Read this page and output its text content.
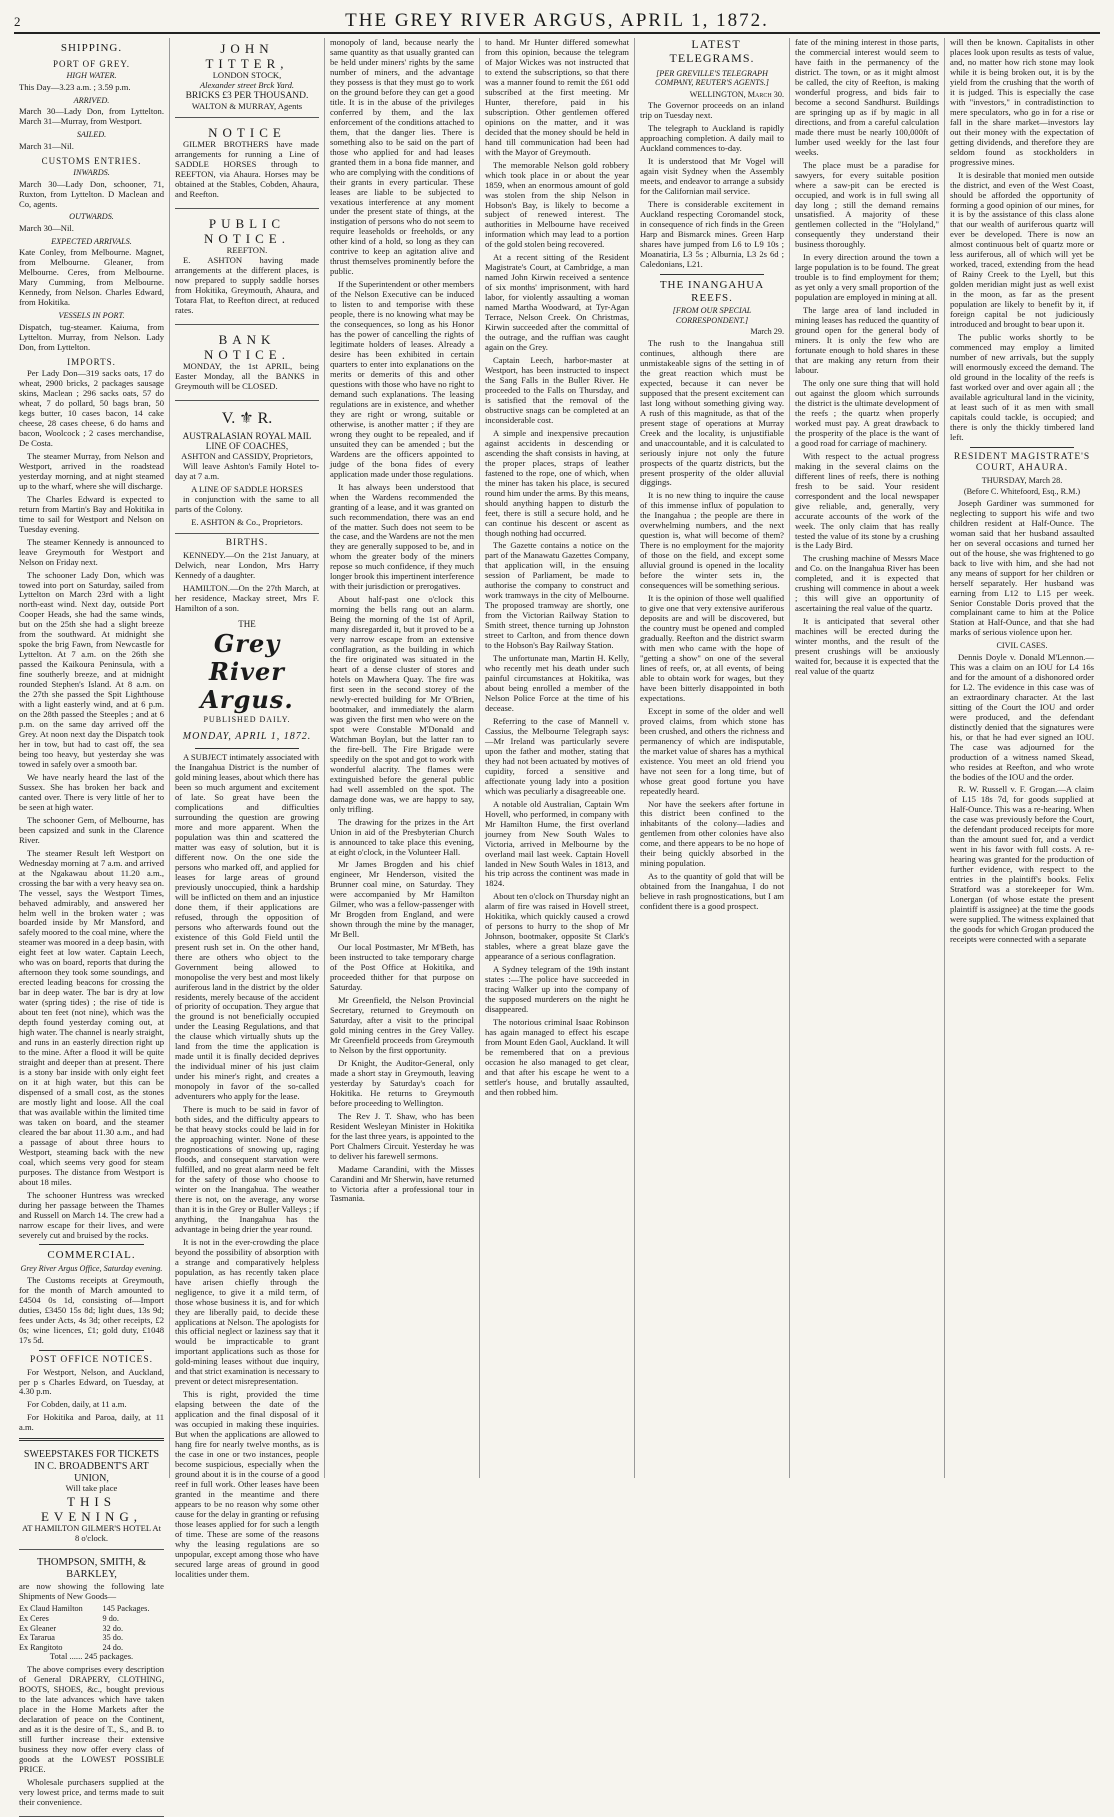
2	THE GREY RIVER ARGUS, APRIL 1, 1872.

SHIPPING.

PORT OF GREY.

HIGH WATER.

This Day—3.23 a.m. ; 3.59 p.m.

ARRIVED.

March 30—Lady Don, from Lyttelton. March 31—Murray, from Westport.

SAILED.

March 31—Nil.

CUSTOMS ENTRIES.

INWARDS.

March 30—Lady Don, schooner, 71, Ruxton, from Lyttelton. D Maclean and Co, agents.

OUTWARDS.

March 30—Nil.

EXPECTED ARRIVALS.

Kate Conley, from Melbourne. Magnet, from Melbourne. Gleaner, from Melbourne. Ceres, from Melbourne. Mary Cumming, from Melbourne. Kennedy, from Nelson. Charles Edward, from Hokitika.

VESSELS IN PORT.

Dispatch, tug-steamer. Kaiuma, from Lyttelton. Murray, from Nelson. Lady Don, from Lyttelton.

IMPORTS.

Per Lady Don—319 sacks oats, 17 do wheat, 2900 bricks, 2 packages sausage skins, Maclean ; 296 sacks oats, 57 do wheat, 7 do pollard, 50 bags bran, 50 kegs butter, 10 cases bacon, 14 cake cheese, 28 cases cheese, 6 do hams and bacon, Woolcock ; 2 cases merchandise, De Costa.

The steamer Murray, from Nelson and Westport, arrived in the roadstead yesterday morning, and at night steamed up to the wharf, where she will discharge.

The Charles Edward is expected to return from Martin's Bay and Hokitika in time to sail for Westport and Nelson on Tuesday evening.

The steamer Kennedy is announced to leave Greymouth for Westport and Nelson on Friday next.

The schooner Lady Don, which was towed into port on Saturday, sailed from Lyttelton on March 23rd with a light north-east wind. Next day, outside Port Cooper Heads, she had the same winds, but on the 25th she had a slight breeze from the southward. At midnight she spoke the brig Fawn, from Newcastle for Lyttelton. At 7 a.m. on the 26th she passed the Kaikoura Peninsula, with a fine southerly breeze, and at midnight rounded Stephen's Island. At 8 a.m. on the 27th she passed the Spit Lighthouse with a light easterly wind, and at 6 p.m. on the 28th passed the Steeples ; and at 6 p.m. on the same day arrived off the Grey. At noon next day the Dispatch took her in tow, but had to cast off, the sea being too heavy, but yesterday she was towed in safely over a smooth bar.

We have nearly heard the last of the Sussex. She has broken her back and canted over. There is very little of her to be seen at high water.

The schooner Gem, of Melbourne, has been capsized and sunk in the Clarence River.

The steamer Result left Westport on Wednesday morning at 7 a.m. and arrived at the Ngakawau about 11.20 a.m., crossing the bar with a very heavy sea on. The vessel, says the Westport Times, behaved admirably, and answered her helm well in the broken water ; was boarded inside by Mr Mansford, and safely moored to the coal mine, where the steamer was moored in a deep basin, with eight feet at low water. Captain Leech, who was on board, reports that during the afternoon they took some soundings, and erected leading beacons for crossing the bar in deep water. The bar is dry at low water (spring tides) ; the rise of tide is about ten feet (not nine), which was the depth found yesterday coming out, at high water. The channel is nearly straight, and runs in an easterly direction right up to the mine. After a flood it will be quite straight and deeper than at present. There is a stony bar inside with only eight feet on it at high water, but this can be dispensed of a small cost, as the stones are mostly light and loose. All the coal that was available within the limited time was taken on board, and the steamer cleared the bar about 11.30 a.m., and had a passage of about three hours to Westport, steaming back with the new coal, which seems very good for steam purposes. The distance from Westport is about 18 miles.

The schooner Huntress was wrecked during her passage between the Thames and Russell on March 14. The crew had a narrow escape for their lives, and were severely cut and bruised by the rocks.

COMMERCIAL.

Grey River Argus Office, Saturday evening.

The Customs receipts at Greymouth, for the month of March amounted to £4504 0s 1d, consisting of—Import duties, £3450 15s 8d; light dues, 13s 9d; fees under Acts, 4s 3d; other receipts, £2 0s; wine licences, £1; gold duty, £1048 17s 5d.

POST OFFICE NOTICES.

For Westport, Nelson, and Auckland, per p s Charles Edward, on Tuesday, at 4.30 p.m.

For Cobden, daily, at 11 a.m.

For Hokitika and Paroa, daily, at 11 a.m.

SWEEPSTAKES FOR TICKETS IN C. BROADBENT'S ART UNION,
Will take place
THIS EVENING,
AT HAMILTON GILMER'S HOTEL At 8 o'clock.
THOMPSON, SMITH, & BARKLEY,

are now showing the following late Shipments of New Goods—

Ex Claud Hamilton	145 Packages.
Ex Ceres	9 do.
Ex Gleaner	32 do.
Ex Tararua	35 do.
Ex Rangitoto	24 do.

Total ...... 245 packages.

The above comprises every description of General DRAPERY, CLOTHING, BOOTS, SHOES, &c., bought previous to the late advances which have taken place in the Home Markets after the declaration of peace on the Continent, and as it is the desire of T., S., and B. to still further increase their extensive business they now offer every class of goods at the LOWEST POSSIBLE PRICE.

Wholesale purchasers supplied at the very lowest price, and terms made to suit their convenience.

JOHN TITTER,
LONDON STOCK,
Alexander street Brck Yard.
BRICKS £3 PER THOUSAND.
WALTON & MURRAY, Agents
NOTICE

GILMER BROTHERS have made arrangements for running a Line of SADDLE HORSES through to REEFTON, via Ahaura. Horses may be obtained at the Stables, Cobden, Ahaura, and Reefton.

PUBLIC NOTICE.
REEFTON.

E. ASHTON having made arrangements at the different places, is now prepared to supply saddle horses from Hokitika, Greymouth, Ahaura, and Totara Flat, to Reefton direct, at reduced rates.

BANK NOTICE.

MONDAY, the 1st APRIL, being Easter Monday, all the BANKS in Greymouth will be CLOSED.

V. ⚜ R.
AUSTRALASIAN ROYAL MAIL LINE OF COACHES,
ASHTON and CASSIDY, Proprietors,

Will leave Ashton's Family Hotel to-day at 7 a.m.

A LINE OF SADDLE HORSES

in conjunction with the same to all parts of the Colony.

E. ASHTON & Co., Proprietors.

BIRTHS.

KENNEDY.—On the 21st January, at Delwich, near London, Mrs Harry Kennedy of a daughter.

HAMILTON.—On the 27th March, at her residence, Mackay street, Mrs F. Hamilton of a son.

THE
Grey River Argus.
PUBLISHED DAILY.
MONDAY, APRIL 1, 1872.

A SUBJECT intimately associated with the Inangahua District is the number of gold mining leases, about which there has been so much argument and excitement of late. So great have been the complications and difficulties surrounding the question are growing more and more apparent. When the population was thin and scattered the matter was easy of solution, but it is different now. On the one side the persons who marked off, and applied for leases for large areas of ground previously unoccupied, think a hardship will be inflicted on them and an injustice done them, if their applications are refused, through the opposition of persons who afterwards found out the existence of this Gold Field until the present rush set in. On the other hand, there are others who object to the Government being allowed to monopolise the very best and most likely auriferous land in the district by the older residents, merely because of the accident of priority of occupation. They argue that the ground is not beneficially occupied under the Leasing Regulations, and that the clause which virtually shuts up the land from the time the application is made until it is finally decided deprives the individual miner of his just claim under his miner's right, and creates a monopoly in favor of the so-called adventurers who apply for the lease.

There is much to be said in favor of both sides, and the difficulty appears to be that heavy stocks could be laid in for the approaching winter. None of these prognostications of snowing up, raging floods, and consequent starvation were fulfilled, and no great alarm need be felt for the safety of those who choose to winter on the Inangahua. The weather there is not, on the average, any worse than it is in the Grey or Buller Valleys ; if anything, the Inangahua has the advantage in being drier the year round.

It is not in the ever-crowding the place beyond the possibility of absorption with a strange and comparatively helpless population, as has recently taken place have arisen chiefly through the negligence, to give it a mild term, of those whose business it is, and for which they are liberally paid, to decide these applications at Nelson. The apologists for this official neglect or laziness say that it would be impracticable to grant important applications such as those for gold-mining leases without due inquiry, and that strict examination is necessary to prevent or detect misrepresentation.

This is right, provided the time elapsing between the date of the application and the final disposal of it was occupied in making these inquiries. But when the applications are allowed to hang fire for nearly twelve months, as is the case in one or two instances, people become suspicious, especially when the ground about it is in the course of a good reef in full work. Other leases have been granted in the meantime and there appears to be no reason why some other cause for the delay in granting or refusing those leases applied for for such a length of time. These are some of the reasons why the leasing regulations are so unpopular, except among those who have secured large areas of ground in good localities under them.

monopoly of land, because nearly the same quantity as that usually granted can be held under miners' rights by the same number of miners, and the advantage they possess is that they must go to work on the ground before they can get a good title. It is in the abuse of the privileges conferred by them, and the lax enforcement of the conditions attached to them, that the danger lies. There is something also to be said on the part of those who applied for and had leases granted them in a bona fide manner, and who are complying with the conditions of their grants in every particular. These leases are liable to be subjected to vexatious interference at any moment under the present state of things, at the instigation of persons who do not seem to require leaseholds or freeholds, or any other kind of a hold, so long as they can contrive to keep an agitation alive and thrust themselves prominently before the public.

If the Superintendent or other members of the Nelson Executive can be induced to listen to and temporise with these people, there is no knowing what may be the consequences, so long as his Honor has the power of cancelling the rights of legitimate holders of leases. Already a desire has been exhibited in certain quarters to enter into explanations on the merits or demerits of this and other questions with those who have no right to demand such explanations. The leasing regulations are in existence, and whether they are right or wrong, suitable or otherwise, is another matter ; if they are wrong they ought to be repealed, and if unsuited they can be amended ; but the Wardens are the officers appointed to judge of the bona fides of every application made under those regulations.

It has always been understood that when the Wardens recommended the granting of a lease, and it was granted on such recommendation, there was an end of the matter. Such does not seem to be the case, and the Wardens are not the men they are generally supposed to be, and in whom the greater body of the miners repose so much confidence, if they much longer brook this impertinent interference with their jurisdiction or prerogatives.

About half-past one o'clock this morning the bells rang out an alarm. Being the morning of the 1st of April, many disregarded it, but it proved to be a very narrow escape from an extensive conflagration, as the building in which the fire originated was situated in the heart of a dense cluster of stores and hotels on Mawhera Quay. The fire was first seen in the second storey of the newly-erected building for Mr O'Brien, bootmaker, and immediately the alarm was given the first men who were on the spot were Constable M'Donald and Watchman Boylan, but the latter ran to the fire-bell. The Fire Brigade were speedily on the spot and got to work with wonderful alacrity. The flames were extinguished before the general public had well assembled on the spot. The damage done was, we are happy to say, only trifling.

The drawing for the prizes in the Art Union in aid of the Presbyterian Church is announced to take place this evening, at eight o'clock, in the Volunteer Hall.

Mr James Brogden and his chief engineer, Mr Henderson, visited the Brunner coal mine, on Saturday. They were accompanied by Mr Hamilton Gilmer, who was a fellow-passenger with Mr Brogden from England, and were shown through the mine by the manager, Mr Bell.

Our local Postmaster, Mr M'Beth, has been instructed to take temporary charge of the Post Office at Hokitika, and proceeded thither for that purpose on Saturday.

Mr Greenfield, the Nelson Provincial Secretary, returned to Greymouth on Saturday, after a visit to the principal gold mining centres in the Grey Valley. Mr Greenfield proceeds from Greymouth to Nelson by the first opportunity.

Dr Knight, the Auditor-General, only made a short stay in Greymouth, leaving yesterday by Saturday's coach for Hokitika. He returns to Greymouth before proceeding to Wellington.

The Rev J. T. Shaw, who has been Resident Wesleyan Minister in Hokitika for the last three years, is appointed to the Port Chalmers Circuit. Yesterday he was to deliver his farewell sermons.

Madame Carandini, with the Misses Carandini and Mr Sherwin, have returned to Victoria after a professional tour in Tasmania.

to hand. Mr Hunter differed somewhat from this opinion, because the telegram of Major Wickes was not instructed that to extend the subscriptions, so that there was a manner found to remit the £61 odd subscribed at the first meeting. Mr Hunter, therefore, paid in his subscription. Other gentlemen offered opinions on the matter, and it was decided that the money should be held in hand till communication had been had with the Mayor of Greymouth.

The memorable Nelson gold robbery which took place in or about the year 1859, when an enormous amount of gold was stolen from the ship Nelson in Hobson's Bay, is likely to become a subject of renewed interest. The authorities in Melbourne have received information which may lead to a portion of the gold stolen being recovered.

At a recent sitting of the Resident Magistrate's Court, at Cambridge, a man named John Kirwin received a sentence of six months' imprisonment, with hard labor, for violently assaulting a woman named Martha Woodward, at Tyr-Agan Terrace, Nelson Creek. On Christmas, Kirwin succeeded after the committal of the outrage, and the ruffian was caught again on the Grey.

Captain Leech, harbor-master at Westport, has been instructed to inspect the Sang Falls in the Buller River. He proceeded to the Falls on Thursday, and is satisfied that the removal of the obstructive snags can be completed at an inconsiderable cost.

A simple and inexpensive precaution against accidents in descending or ascending the shaft consists in having, at the proper places, straps of leather fastened to the rope, one of which, when the miner has taken his place, is secured round him under the arms. By this means, should anything happen to disturb the feet, there is still a secure hold, and he can continue his descent or ascent as though nothing had occurred.

The Gazette contains a notice on the part of the Manawatu Gazettes Company, that application will, in the ensuing session of Parliament, be made to authorise the company to construct and work tramways in the city of Melbourne. The proposed tramway are shortly, one from the Victorian Railway Station to Smith street, thence turning up Johnston street to Carlton, and from thence down to the Hobson's Bay Railway Station.

The unfortunate man, Martin H. Kelly, who recently met his death under such painful circumstances at Hokitika, was about being enrolled a member of the Nelson Police Force at the time of his decease.

Referring to the case of Mannell v. Cassius, the Melbourne Telegraph says:—Mr Ireland was particularly severe upon the father and mother, stating that they had not been actuated by motives of cupidity, forced a sensitive and affectionate young lady into a position which was peculiarly a disagreeable one.

A notable old Australian, Captain Wm Hovell, who performed, in company with Mr Hamilton Hume, the first overland journey from New South Wales to Victoria, arrived in Melbourne by the overland mail last week. Captain Hovell landed in New South Wales in 1813, and his trip across the continent was made in 1824.

About ten o'clock on Thursday night an alarm of fire was raised in Hovell street, Hokitika, which quickly caused a crowd of persons to hurry to the shop of Mr Johnson, bootmaker, opposite St Clark's stables, where a great blaze gave the appearance of a serious conflagration.

A Sydney telegram of the 19th instant states :—The police have succeeded in tracing Walker up into the company of the supposed murderers on the night he disappeared.

The notorious criminal Isaac Robinson has again managed to effect his escape from Mount Eden Gaol, Auckland. It will be remembered that on a previous occasion he also managed to get clear, and that after his escape he went to a settler's house, and brutally assaulted, and then robbed him.

LATEST TELEGRAMS.

[PER GREVILLE'S TELEGRAPH COMPANY, REUTER'S AGENTS.]

WELLINGTON, March 30.

The Governor proceeds on an inland trip on Tuesday next.

The telegraph to Auckland is rapidly approaching completion. A daily mail to Auckland commences to-day.

It is understood that Mr Vogel will again visit Sydney when the Assembly meets, and endeavor to arrange a subsidy for the Californian mail service.

There is considerable excitement in Auckland respecting Coromandel stock, in consequence of rich finds in the Green Harp and Bismarck mines. Green Harp shares have jumped from L6 to L9 10s ; Moanatiria, L3 5s ; Alburnia, L3 2s 6d ; Caledonians, L21.

THE INANGAHUA REEFS.

[FROM OUR SPECIAL CORRESPONDENT.]

March 29.

The rush to the Inangahua still continues, although there are unmistakeable signs of the setting in of the great reaction which must be expected, because it can never be supposed that the present excitement can last long without something giving way. A rush of this magnitude, as that of the present stage of operations at Murray Creek and the locality, is unjustifiable and unaccountable, and it is calculated to seriously injure not only the future prospects of the quartz districts, but the present prosperity of the older alluvial diggings.

It is no new thing to inquire the cause of this immense influx of population to the Inangahua ; the people are there in overwhelming numbers, and the next question is, what will become of them? There is no employment for the majority of those on the field, and except some alluvial ground is opened in the locality before the winter sets in, the consequences will be something serious.

It is the opinion of those well qualified to give one that very extensive auriferous deposits are and will be discovered, but the country must be opened and compled gradually. Reefton and the district swarm with men who came with the hope of "getting a show" on one of the several lines of reefs, or, at all events, of being able to obtain work for wages, but they have been bitterly disappointed in both expectations.

Except in some of the older and well proved claims, from which stone has been crushed, and others the richness and permanency of which are indisputable, the market value of shares has a mythical existence. You meet an old friend you have not seen for a long time, but of whose great good fortune you have repeatedly heard.

Nor have the seekers after fortune in this district been confined to the inhabitants of the colony—ladies and gentlemen from other colonies have also come, and there appears to be no hope of their being quickly absorbed in the mining population.

As to the quantity of gold that will be obtained from the Inangahua, I do not believe in rash prognostications, but I am confident there is a good prospect.

fate of the mining interest in those parts, the commercial interest would seem to have faith in the permanency of the district. The town, or as it might almost be called, the city of Reefton, is making wonderful progress, and bids fair to become a second Sandhurst. Buildings are springing up as if by magic in all directions, and from a careful calculation made there must be nearly 100,000ft of lumber used weekly for the last four weeks.

The place must be a paradise for sawyers, for every suitable position where a saw-pit can be erected is occupied, and work is in full swing all day long ; still the demand remains unsatisfied. A majority of these gentlemen collected in the "Holyland," consequently they understand their business thoroughly.

In every direction around the town a large population is to be found. The great trouble is to find employment for them; as yet only a very small proportion of the population are employed in mining at all.

The large area of land included in mining leases has reduced the quantity of ground open for the general body of miners. It is only the few who are fortunate enough to hold shares in these that are making any return from their labour.

The only one sure thing that will hold out against the gloom which surrounds the district is the ultimate development of the reefs ; the quartz when properly worked must pay. A great drawback to the prosperity of the place is the want of a good road for carriage of machinery.

With respect to the actual progress making in the several claims on the different lines of reefs, there is nothing fresh to be said. Your resident correspondent and the local newspaper give reliable, and, generally, very accurate accounts of the work of the week. The only claim that has really tested the value of its stone by a crushing is the Lady Bird.

The crushing machine of Messrs Mace and Co. on the Inangahua River has been completed, and it is expected that crushing will commence in about a week ; this will give an opportunity of ascertaining the real value of the quartz.

It is anticipated that several other machines will be erected during the winter months, and the result of the present crushings will be anxiously waited for, because it is expected that the real value of the quartz

will then be known. Capitalists in other places look upon results as tests of value, and, no matter how rich stone may look while it is being broken out, it is by the yield from the crushing that the worth of it is judged. This is especially the case with "investors," in contradistinction to mere speculators, who go in for a rise or fall in the share market—investors lay out their money with the expectation of getting dividends, and therefore they are seldom found as stockholders in progressive mines.

It is desirable that monied men outside the district, and even of the West Coast, should be afforded the opportunity of forming a good opinion of our mines, for it is by the assistance of this class alone that our wealth of auriferous quartz will ever be developed. There is now an almost continuous belt of quartz more or less auriferous, all of which will yet be worked, traced, extending from the head of Rainy Creek to the Lyell, but this golden meridian might just as well exist in the moon, as far as the present population are likely to benefit by it, if foreign capital be not judiciously introduced and brought to bear upon it.

The public works shortly to be commenced may employ a limited number of new arrivals, but the supply will enormously exceed the demand. The old ground in the locality of the reefs is fast worked over and over again all ; the available agricultural land in the vicinity, at least such of it as men with small capitals could tackle, is occupied; and there is only the thickly timbered land left.

RESIDENT MAGISTRATE'S COURT, AHAURA.

THURSDAY, March 28.

(Before C. Whitefoord, Esq., R.M.)

Joseph Gardiner was summoned for neglecting to support his wife and two children resident at Half-Ounce. The woman said that her husband assaulted her on several occasions and turned her out of the house, she was frightened to go back to live with him, and she had not any means of support for her children or herself separately. Her husband was earning from L12 to L15 per week. Senior Constable Doris proved that the complainant came to him at the Police Station at Half-Ounce, and that she had marks of serious violence upon her.

CIVIL CASES.

Dennis Doyle v. Donald M'Lennon.—This was a claim on an IOU for L4 16s and for the amount of a dishonored order for L2. The evidence in this case was of an extraordinary character. At the last sitting of the Court the IOU and order were produced, and the defendant distinctly denied that the signatures were his, or that he had ever signed an IOU. The case was adjourned for the production of a witness named Skead, who resides at Reefton, and who wrote the bodies of the IOU and the order.

R. W. Russell v. F. Grogan.—A claim of L15 18s 7d, for goods supplied at Half-Ounce. This was a re-hearing. When the case was previously before the Court, the defendant produced receipts for more than the amount sued for, and a verdict went in his favor with full costs. A re-hearing was granted for the production of further evidence, with respect to the entries in the plaintiff's books. Felix Stratford was a storekeeper for Wm. Lonergan (of whose estate the present plaintiff is assignee) at the time the goods were supplied. The witness explained that the goods for which Grogan produced the receipts were connected with a separate
